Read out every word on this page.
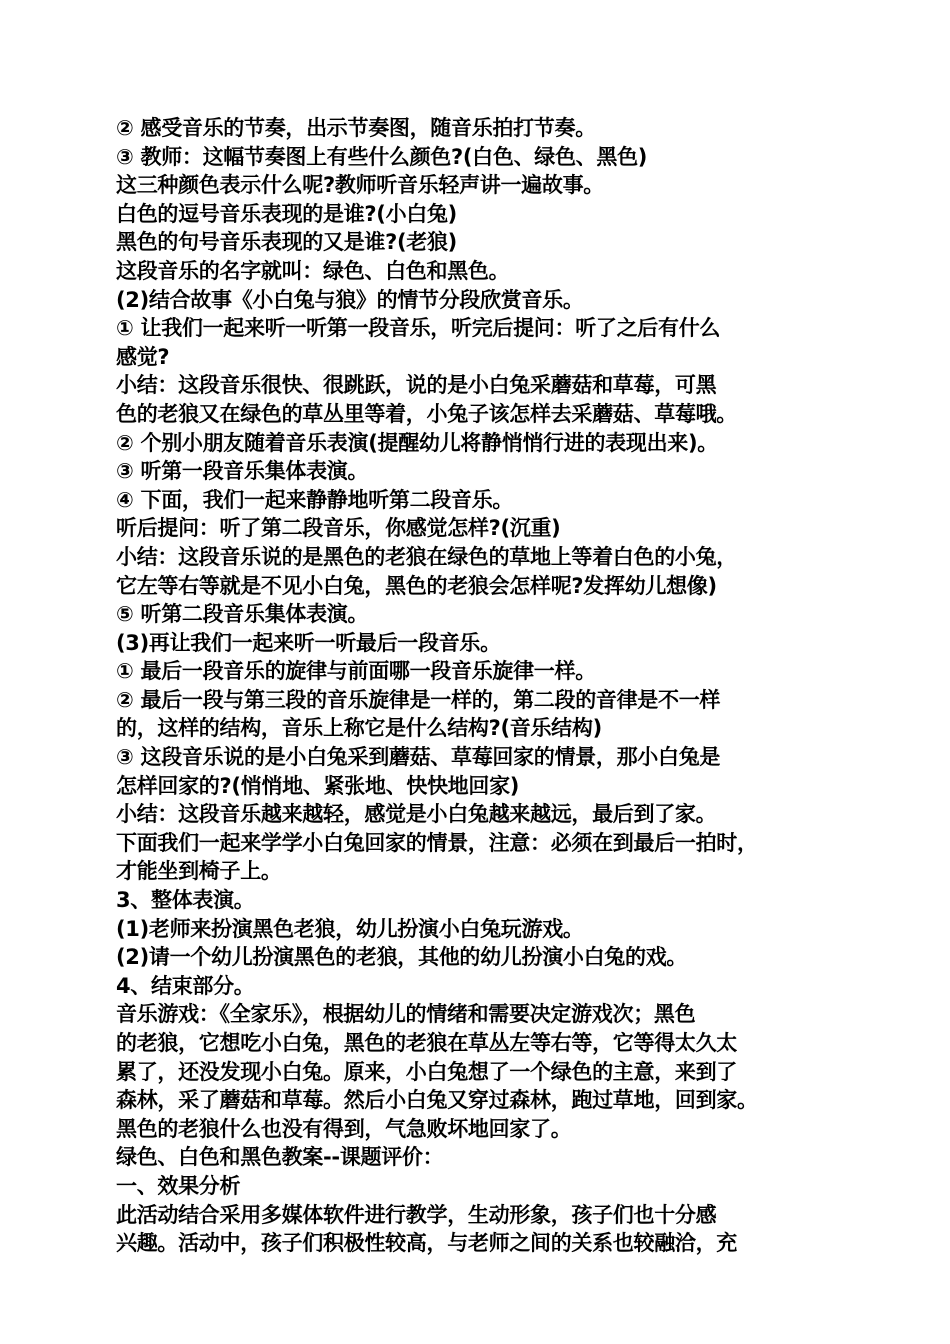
② 感受音乐的节奏，出示节奏图，随音乐拍打节奏。
③ 教师：这幅节奏图上有些什么颜色?(白色、绿色、黑色)
这三种颜色表示什么呢?教师听音乐轻声讲一遍故事。
白色的逗号音乐表现的是谁?(小白兔)
黑色的句号音乐表现的又是谁?(老狼)
这段音乐的名字就叫：绿色、白色和黑色。
(2)结合故事《小白兔与狼》的情节分段欣赏音乐。
① 让我们一起来听一听第一段音乐，听完后提问：听了之后有什么
感觉?
小结：这段音乐很快、很跳跃，说的是小白兔采蘑菇和草莓，可黑
色的老狼又在绿色的草丛里等着，小兔子该怎样去采蘑菇、草莓哦。
② 个别小朋友随着音乐表演(提醒幼儿将静悄悄行进的表现出来)。
③ 听第一段音乐集体表演。
④ 下面，我们一起来静静地听第二段音乐。
听后提问：听了第二段音乐，你感觉怎样?(沉重)
小结：这段音乐说的是黑色的老狼在绿色的草地上等着白色的小兔，
它左等右等就是不见小白兔，黑色的老狼会怎样呢?发挥幼儿想像)
⑤ 听第二段音乐集体表演。
(3)再让我们一起来听一听最后一段音乐。
① 最后一段音乐的旋律与前面哪一段音乐旋律一样。
② 最后一段与第三段的音乐旋律是一样的，第二段的音律是不一样
的，这样的结构，音乐上称它是什么结构?(音乐结构)
③ 这段音乐说的是小白兔采到蘑菇、草莓回家的情景，那小白兔是
怎样回家的?(悄悄地、紧张地、快快地回家)
小结：这段音乐越来越轻，感觉是小白兔越来越远，最后到了家。
下面我们一起来学学小白兔回家的情景，注意：必须在到最后一拍时，
才能坐到椅子上。
3、整体表演。
(1)老师来扮演黑色老狼，幼儿扮演小白兔玩游戏。
(2)请一个幼儿扮演黑色的老狼，其他的幼儿扮演小白兔的戏。
4、结束部分。
音乐游戏：《全家乐》，根据幼儿的情绪和需要决定游戏次；黑色
的老狼，它想吃小白兔，黑色的老狼在草丛左等右等，它等得太久太
累了，还没发现小白兔。原来，小白兔想了一个绿色的主意，来到了
森林，采了蘑菇和草莓。然后小白兔又穿过森林，跑过草地，回到家。
黑色的老狼什么也没有得到，气急败坏地回家了。
绿色、白色和黑色教案--课题评价：
一、效果分析
此活动结合采用多媒体软件进行教学，生动形象，孩子们也十分感
兴趣。活动中，孩子们积极性较高，与老师之间的关系也较融洽，充
